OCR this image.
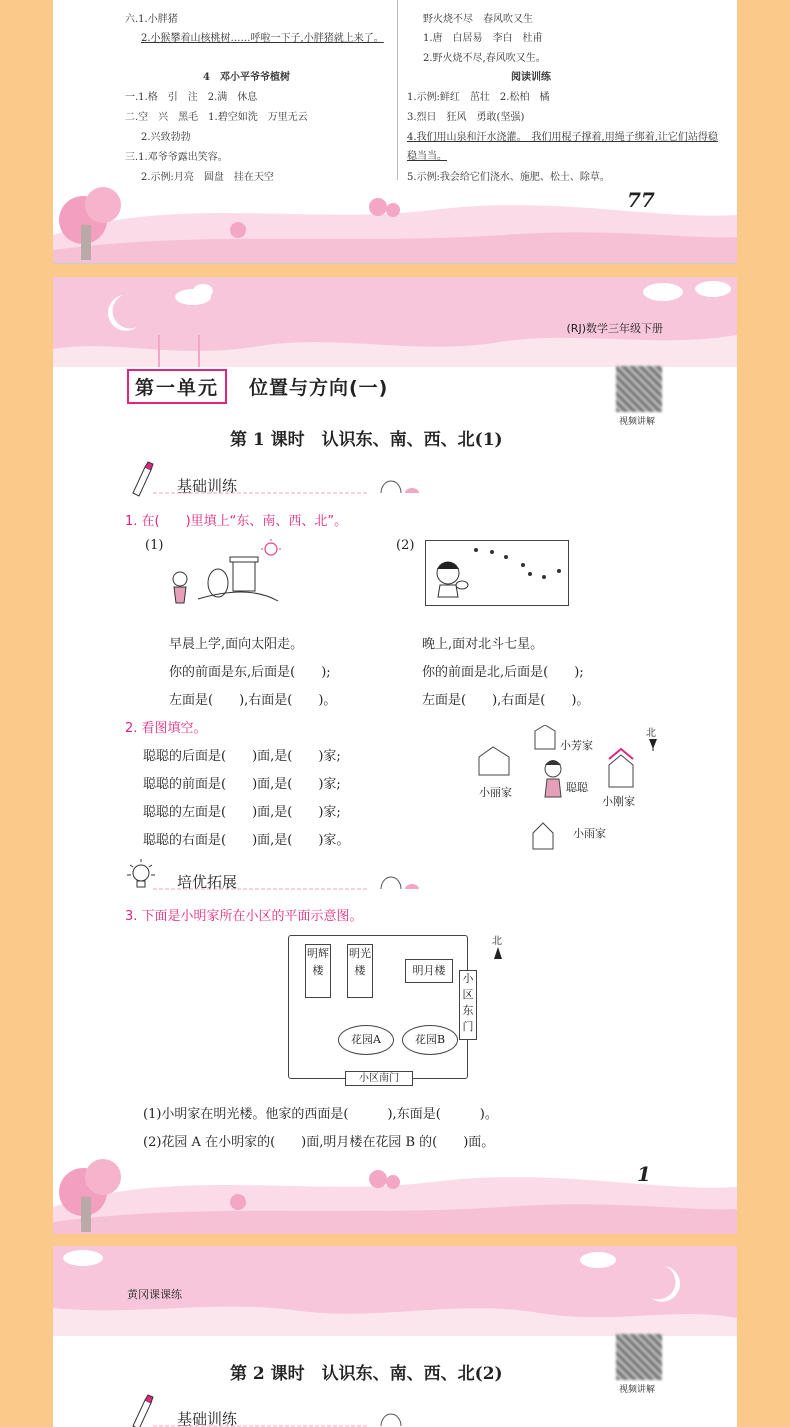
六.1.小胖猪
2.小猴攀着山核桃树……呼啦一下子,小胖猪就上来了。
4　邓小平爷爷植树
一.1.格　引　注　2.满　休息
二.空　兴　黑毛　1.碧空如洗　万里无云
2.兴致勃勃
三.1.邓爷爷露出笑容。
2.示例:月亮　圆盘　挂在天空
野火烧不尽　春风吹又生
1.唐　白居易　李白　杜甫
2.野火烧不尽,春风吹又生。
阅读训练
1.示例:鲜红　茁壮　2.松柏　橘
3.烈日　狂风　勇敢(坚强)
4.我们用山泉和汗水浇灌。　我们用棍子撑着,用绳子绑着,让它们站得稳稳当当。
5.示例:我会给它们浇水、施肥、松土、除草。
77
(RJ)数学三年级下册
第一单元	位置与方向(一)
视频讲解
第 1 课时　认识东、南、西、北(1)
基础训练
1. 在(　　)里填上“东、南、西、北”。
(1)	(2)
早晨上学,面向太阳走。
你的前面是东,后面是(　　);
左面是(　　),右面是(　　)。
晚上,面对北斗七星。
你的前面是北,后面是(　　);
左面是(　　),右面是(　　)。
2. 看图填空。
聪聪的后面是(　　)面,是(　　)家;
聪聪的前面是(　　)面,是(　　)家;
聪聪的左面是(　　)面,是(　　)家;
聪聪的右面是(　　)面,是(　　)家。
北
小芳家
小丽家	聪聪
小刚家
小雨家
培优拓展
3. 下面是小明家所在小区的平面示意图。
明辉楼
明光楼	明月楼
小区东门
花园A	花园B
小区南门
北
(1)小明家在明光楼。他家的西面是(　　　),东面是(　　　)。
(2)花园 A 在小明家的(　　)面,明月楼在花园 B 的(　　)面。
1
黄冈课课练
第 2 课时　认识东、南、西、北(2)
视频讲解
基础训练
